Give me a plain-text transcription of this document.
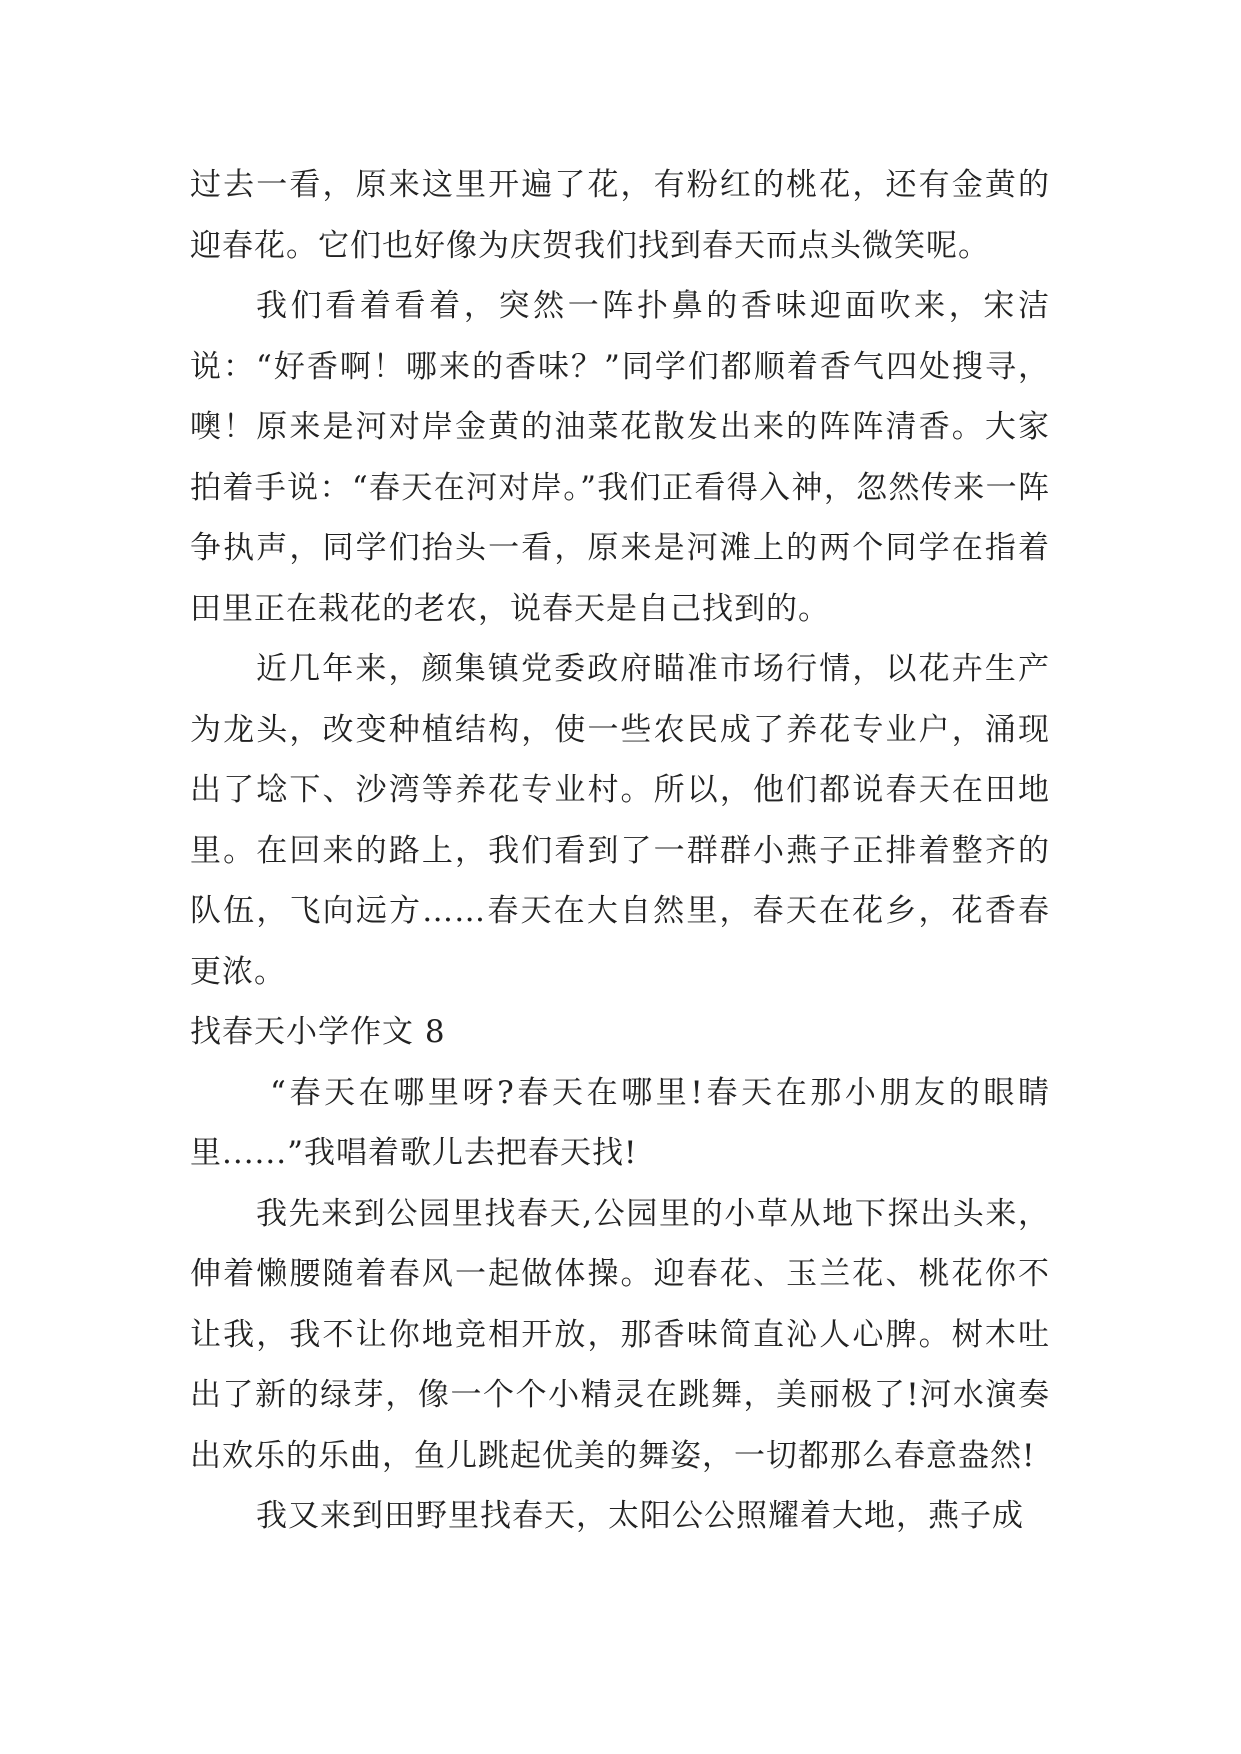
过去一看，原来这里开遍了花，有粉红的桃花，还有金黄的迎春花。它们也好像为庆贺我们找到春天而点头微笑呢。

我们看着看着，突然一阵扑鼻的香味迎面吹来，宋洁说：“好香啊！哪来的香味？”同学们都顺着香气四处搜寻，噢！原来是河对岸金黄的油菜花散发出来的阵阵清香。大家拍着手说：“春天在河对岸。”我们正看得入神，忽然传来一阵争执声，同学们抬头一看，原来是河滩上的两个同学在指着田里正在栽花的老农，说春天是自己找到的。

近几年来，颜集镇党委政府瞄准市场行情，以花卉生产为龙头，改变种植结构，使一些农民成了养花专业户，涌现出了埝下、沙湾等养花专业村。所以，他们都说春天在田地里。在回来的路上，我们看到了一群群小燕子正排着整齐的队伍，飞向远方……春天在大自然里，春天在花乡，花香春更浓。

找春天小学作文 8

“春天在哪里呀?春天在哪里!春天在那小朋友的眼睛里......”我唱着歌儿去把春天找!

我先来到公园里找春天,公园里的小草从地下探出头来，伸着懒腰随着春风一起做体操。迎春花、玉兰花、桃花你不让我，我不让你地竞相开放，那香味简直沁人心脾。树木吐出了新的绿芽，像一个个小精灵在跳舞，美丽极了!河水演奏出欢乐的乐曲，鱼儿跳起优美的舞姿，一切都那么春意盎然!

我又来到田野里找春天，太阳公公照耀着大地，燕子成
